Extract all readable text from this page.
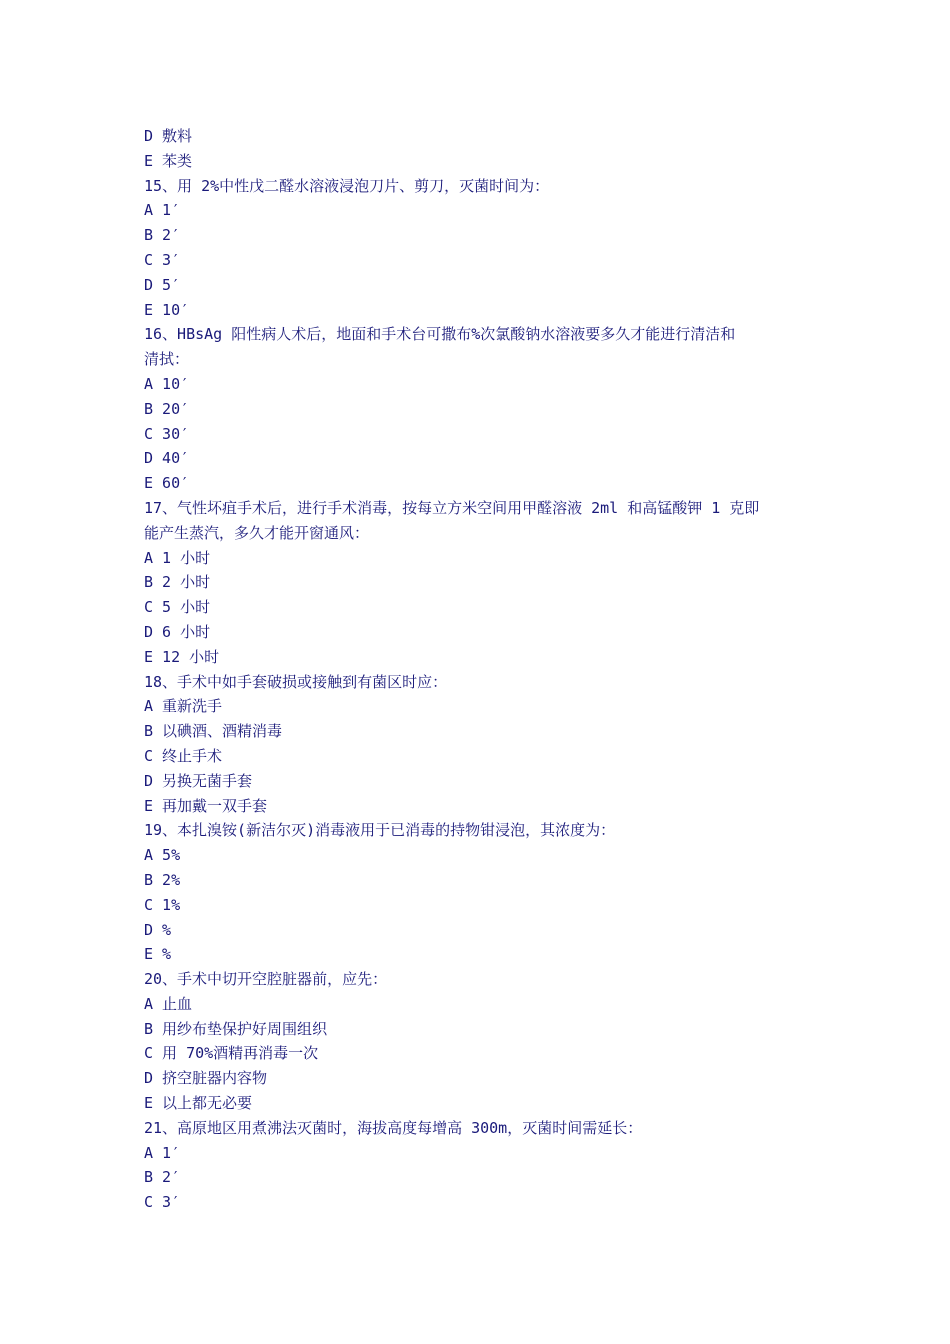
D 敷料
E 苯类
15、用 2%中性戊二醛水溶液浸泡刀片、剪刀，灭菌时间为：
A 1′
B 2′
C 3′
D 5′
E 10′
16、HBsAg 阳性病人术后，地面和手术台可撒布%次氯酸钠水溶液要多久才能进行清洁和
清拭：
A 10′
B 20′
C 30′
D 40′
E 60′
17、气性坏疽手术后，进行手术消毒，按每立方米空间用甲醛溶液 2ml 和高锰酸钾 1 克即
能产生蒸汽，多久才能开窗通风：
A 1 小时
B 2 小时
C 5 小时
D 6 小时
E 12 小时
18、手术中如手套破损或接触到有菌区时应：
A 重新洗手
B 以碘酒、酒精消毒
C 终止手术
D 另换无菌手套
E 再加戴一双手套
19、本扎溴铵(新洁尔灭)消毒液用于已消毒的持物钳浸泡，其浓度为：
A 5%
B 2%
C 1%
D %
E %
20、手术中切开空腔脏器前，应先：
A 止血
B 用纱布垫保护好周围组织
C 用 70%酒精再消毒一次
D 挤空脏器内容物
E 以上都无必要
21、高原地区用煮沸法灭菌时，海拔高度每增高 300m，灭菌时间需延长：
A 1′
B 2′
C 3′
